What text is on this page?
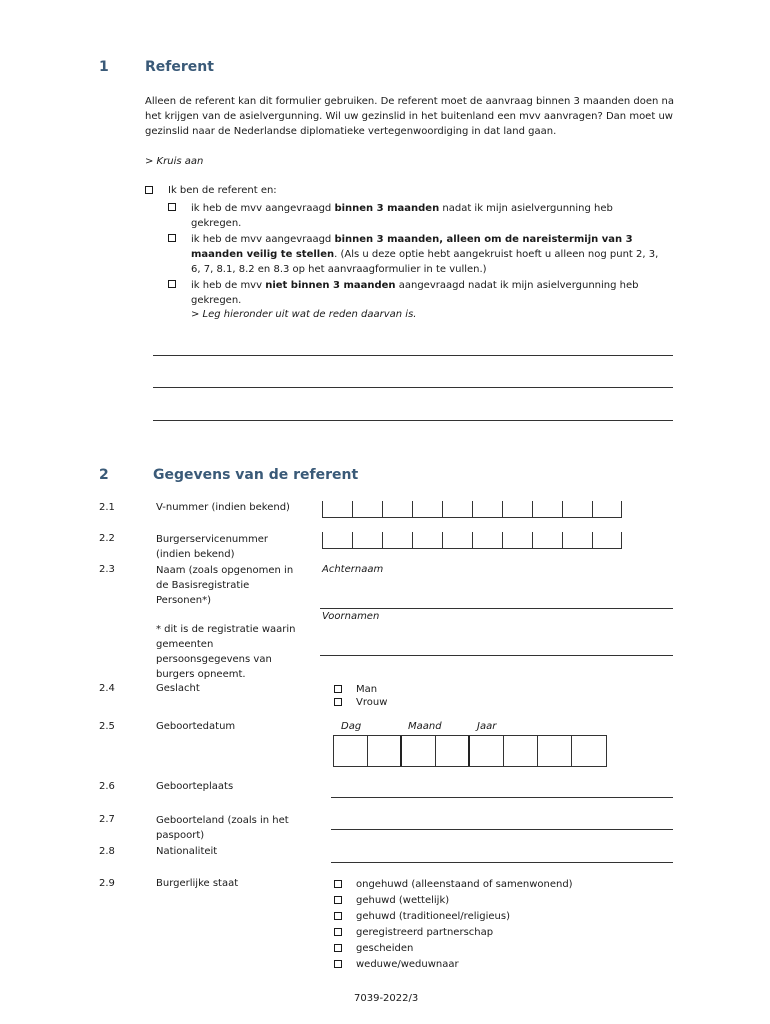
1	Referent
Alleen de referent kan dit formulier gebruiken. De referent moet de aanvraag binnen 3 maanden doen na het krijgen van de asielvergunning. Wil uw gezinslid in het buitenland een mvv aanvragen? Dan moet uw gezinslid naar de Nederlandse diplomatieke vertegenwoordiging in dat land gaan.
> Kruis aan
Ik ben de referent en:
ik heb de mvv aangevraagd binnen 3 maanden nadat ik mijn asielvergunning heb gekregen.
ik heb de mvv aangevraagd binnen 3 maanden, alleen om de nareistermijn van 3 maanden veilig te stellen. (Als u deze optie hebt aangekruist hoeft u alleen nog punt 2, 3, 6, 7, 8.1, 8.2 en 8.3 op het aanvraagformulier in te vullen.)
ik heb de mvv niet binnen 3 maanden aangevraagd nadat ik mijn asielvergunning heb gekregen.
> Leg hieronder uit wat de reden daarvan is.
2	Gegevens van de referent
2.1	V-nummer (indien bekend)
2.2	Burgerservicenummer (indien bekend)
2.3	Naam (zoals opgenomen in de Basisregistratie Personen*)
* dit is de registratie waarin gemeenten persoonsgegevens van burgers opneemt.
Achternaam
Voornamen
2.4	Geslacht	Man
Vrouw
2.5	Geboortedatum	Dag	Maand	Jaar
2.6	Geboorteplaats
2.7	Geboorteland (zoals in het paspoort)
2.8	Nationaliteit
2.9	Burgerlijke staat	ongehuwd (alleenstaand of samenwonend)
gehuwd (wettelijk)
gehuwd (traditioneel/religieus)
geregistreerd partnerschap
gescheiden
weduwe/weduwnaar
7039-2022/3
